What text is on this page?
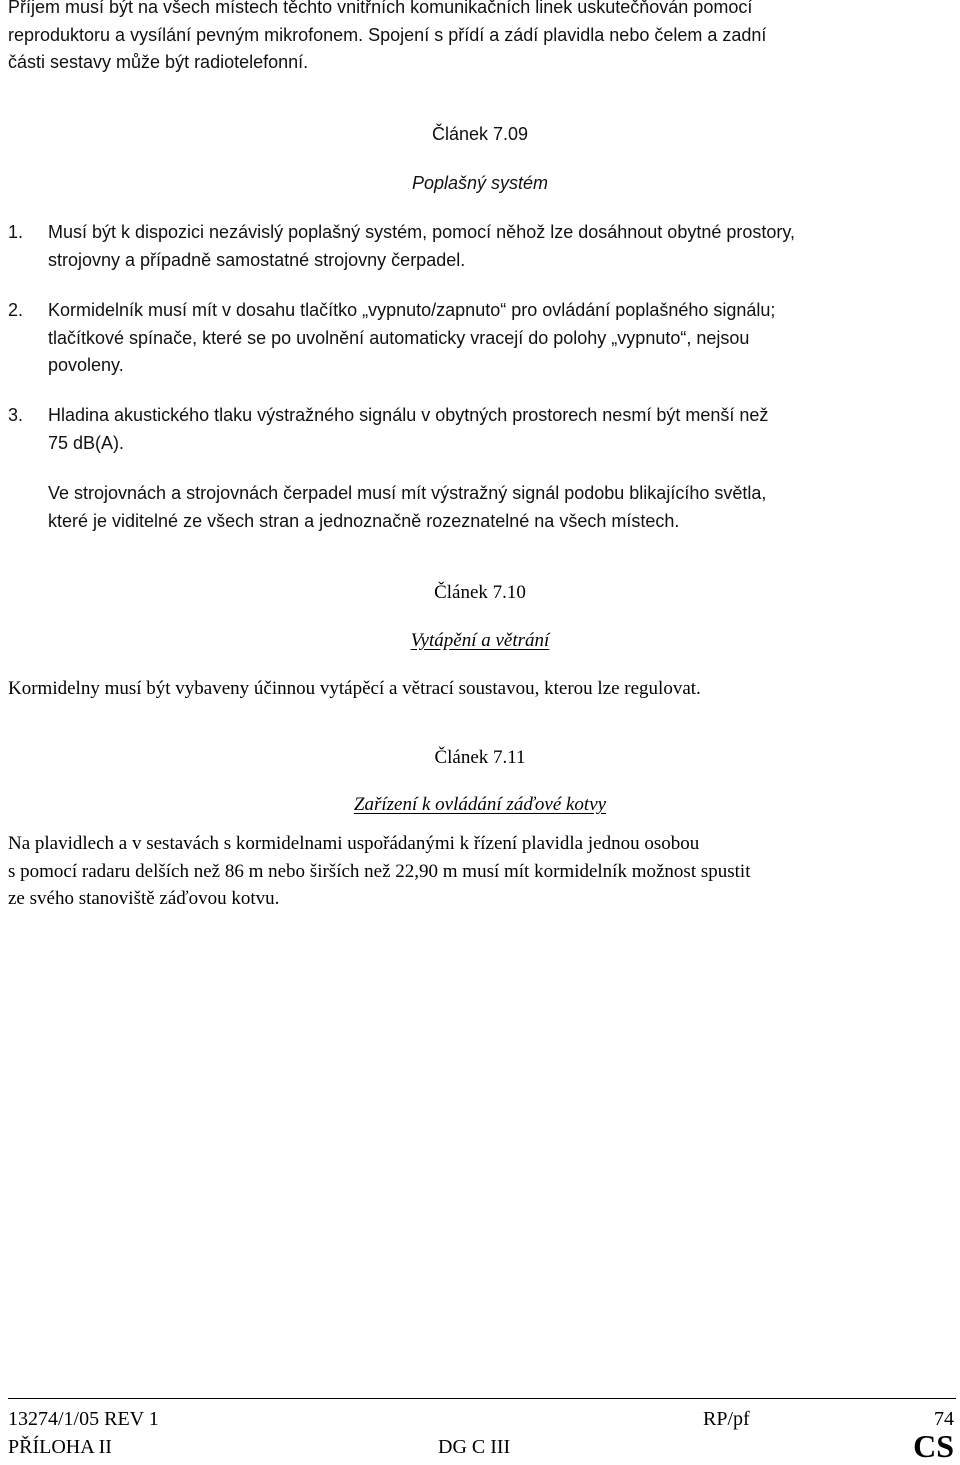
Příjem musí být na všech místech těchto vnitřních komunikačních linek uskutečňován pomocí
reproduktoru a vysílání pevným mikrofonem. Spojení s přídí a zádí plavidla nebo čelem a zadní
části sestavy může být radiotelefonní.
Článek 7.09
Poplašný systém
1. Musí být k dispozici nezávislý poplašný systém, pomocí něhož lze dosáhnout obytné prostory,
strojovny a případně samostatné strojovny čerpadel.
2. Kormidelník musí mít v dosahu tlačítko „vypnuto/zapnuto“ pro ovládání poplašného signálu;
tlačítkové spínače, které se po uvolnění automaticky vracejí do polohy „vypnuto“, nejsou
povoleny.
3. Hladina akustického tlaku výstražného signálu v obytných prostorech nesmí být menší než
75 dB(A).
Ve strojovnách a strojovnách čerpadel musí mít výstražný signál podobu blikajícího světla,
které je viditelné ze všech stran a jednoznačně rozeznatelné na všech místech.
Článek 7.10
Vytápění a větrání
Kormidelny musí být vybaveny účinnou vytápěcí a větrací soustavou, kterou lze regulovat.
Článek 7.11
Zařízení k ovládání záďové kotvy
Na plavidlech a v sestavách s kormidelnami uspořádanými k řízení plavidla jednou osobou
s pomocí radaru delších než 86 m nebo širších než 22,90 m musí mít kormidelník možnost spustit
ze svého stanoviště záďovou kotvu.
13274/1/05 REV 1
PŘÍLOHA II
RP/pf
DG C III
74
CS
